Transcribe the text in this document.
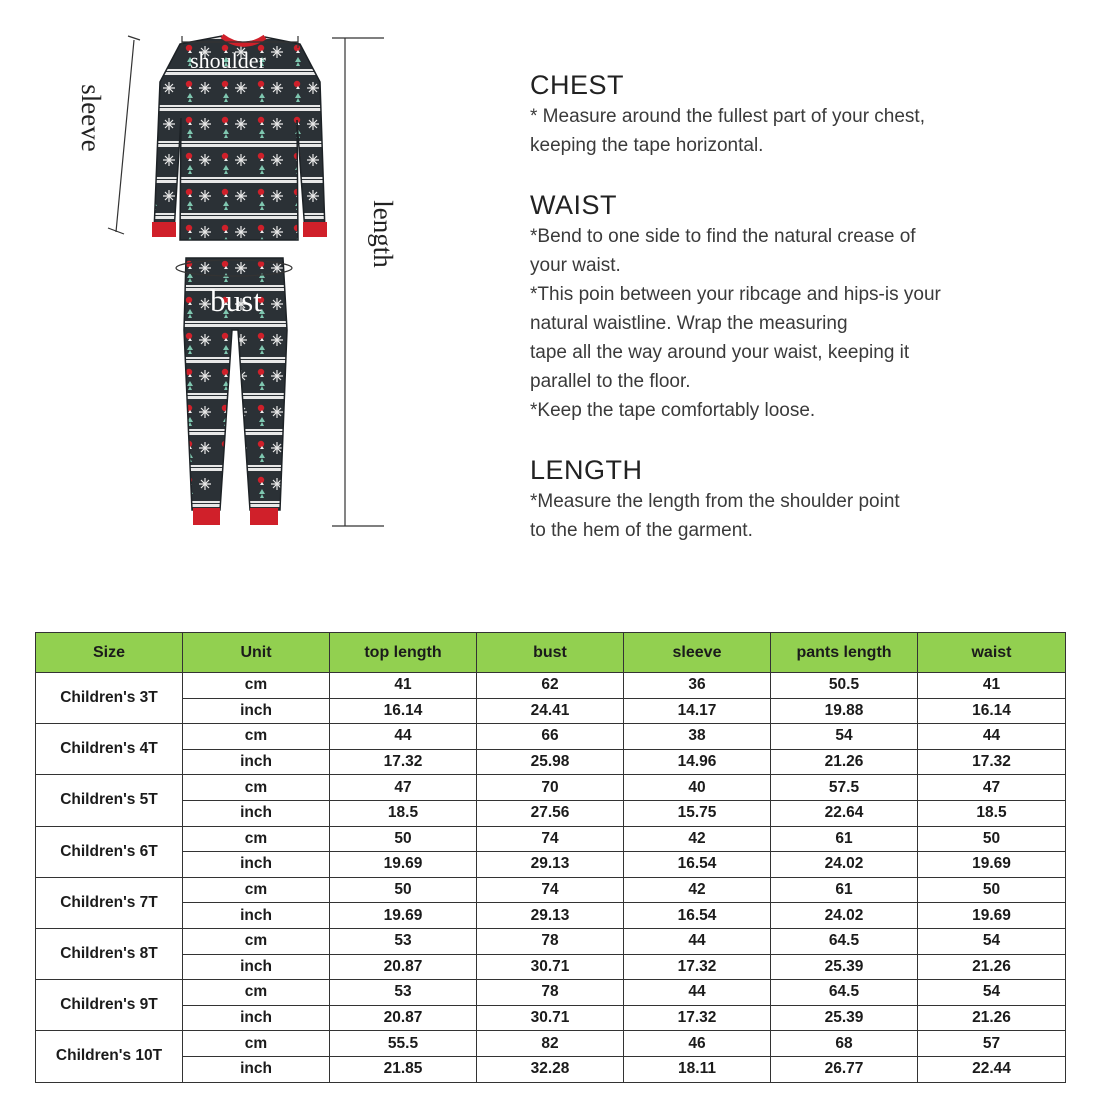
shoulder
sleeve
length
bust
CHEST

* Measure around the fullest part of your chest,

keeping the tape horizontal.

WAIST

*Bend to one side to find the natural crease of

your waist.

*This poin between your ribcage and hips-is your

natural waistline. Wrap the measuring

tape all the way around your waist, keeping it

parallel to the floor.

*Keep the tape comfortably loose.

LENGTH

*Measure the length from the shoulder point

to the hem of the garment.

Size	Unit	top length	bust	sleeve	pants length	waist
Children's 3T	cm	41	62	36	50.5	41
	inch	16.14	24.41	14.17	19.88	16.14
Children's 4T	cm	44	66	38	54	44
	inch	17.32	25.98	14.96	21.26	17.32
Children's 5T	cm	47	70	40	57.5	47
	inch	18.5	27.56	15.75	22.64	18.5
Children's 6T	cm	50	74	42	61	50
	inch	19.69	29.13	16.54	24.02	19.69
Children's 7T	cm	50	74	42	61	50
	inch	19.69	29.13	16.54	24.02	19.69
Children's 8T	cm	53	78	44	64.5	54
	inch	20.87	30.71	17.32	25.39	21.26
Children's 9T	cm	53	78	44	64.5	54
	inch	20.87	30.71	17.32	25.39	21.26
Children's 10T	cm	55.5	82	46	68	57
	inch	21.85	32.28	18.11	26.77	22.44
